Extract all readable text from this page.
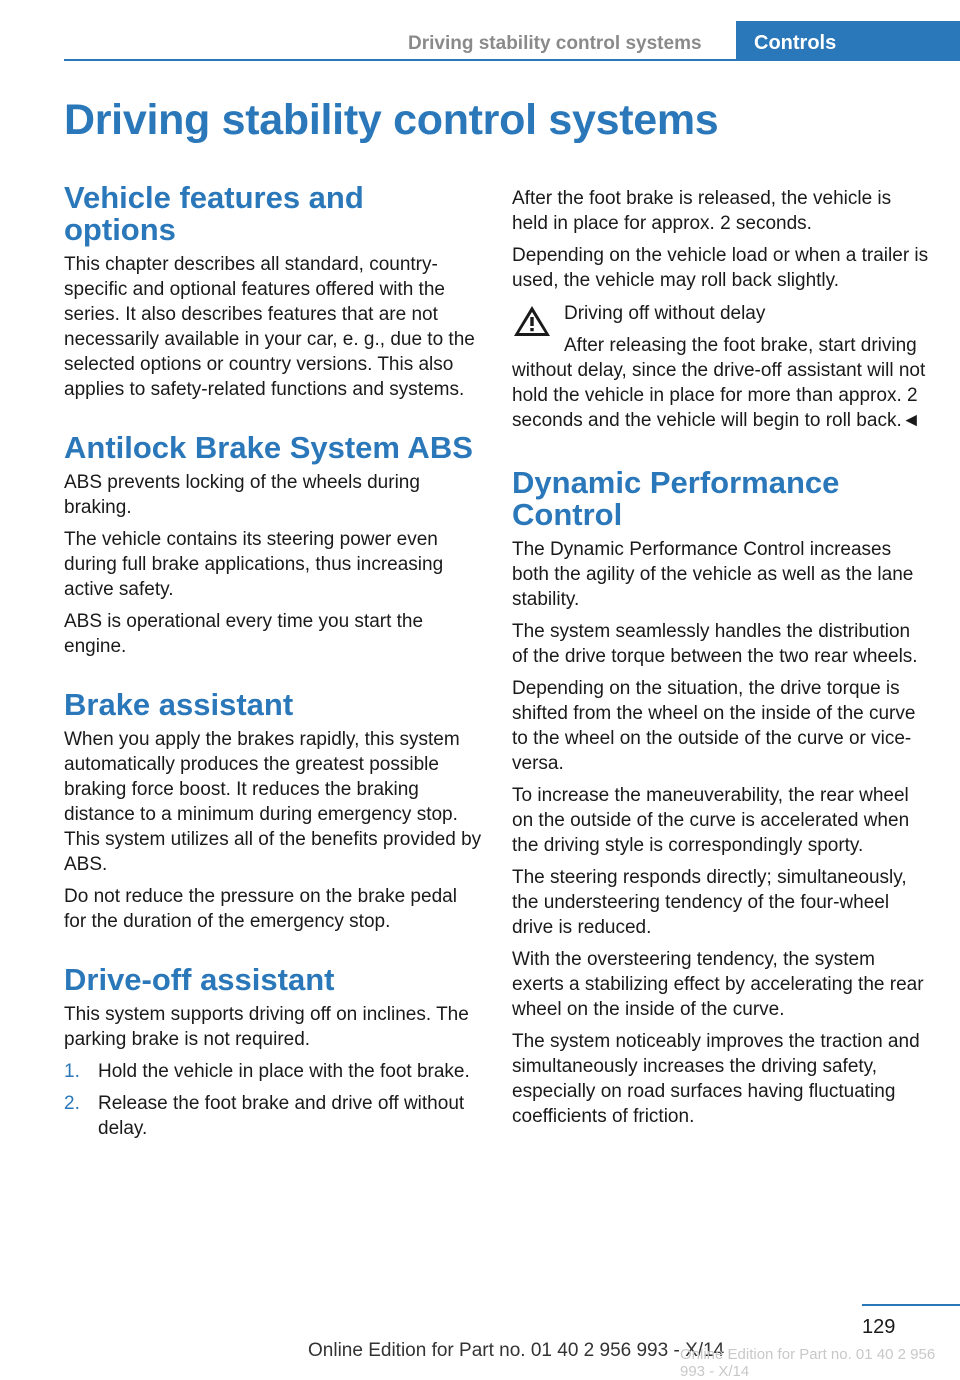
Driving stability control systems	Controls
Driving stability control systems
Vehicle features and options

This chapter describes all standard, country-specific and optional features offered with the series. It also describes features that are not necessarily available in your car, e. g., due to the selected options or country versions. This also applies to safety-related functions and systems.

Antilock Brake System ABS

ABS prevents locking of the wheels during braking.

The vehicle contains its steering power even during full brake applications, thus increasing active safety.

ABS is operational every time you start the engine.

Brake assistant

When you apply the brakes rapidly, this system automatically produces the greatest possible braking force boost. It reduces the braking distance to a minimum during emergency stop. This system utilizes all of the benefits provided by ABS.

Do not reduce the pressure on the brake pedal for the duration of the emergency stop.

Drive-off assistant

This system supports driving off on inclines. The parking brake is not required.

1. Hold the vehicle in place with the foot brake.
2. Release the foot brake and drive off without delay.

After the foot brake is released, the vehicle is held in place for approx. 2 seconds.

Depending on the vehicle load or when a trailer is used, the vehicle may roll back slightly.

Driving off without delay

After releasing the foot brake, start driving without delay, since the drive-off assistant will not hold the vehicle in place for more than approx. 2 seconds and the vehicle will begin to roll back.◄

Dynamic Performance Control

The Dynamic Performance Control increases both the agility of the vehicle as well as the lane stability.

The system seamlessly handles the distribution of the drive torque between the two rear wheels.

Depending on the situation, the drive torque is shifted from the wheel on the inside of the curve to the wheel on the outside of the curve or vice-versa.

To increase the maneuverability, the rear wheel on the outside of the curve is accelerated when the driving style is correspondingly sporty.

The steering responds directly; simultaneously, the understeering tendency of the four-wheel drive is reduced.

With the oversteering tendency, the system exerts a stabilizing effect by accelerating the rear wheel on the inside of the curve.

The system noticeably improves the traction and simultaneously increases the driving safety, especially on road surfaces having fluctuating coefficients of friction.

129
Online Edition for Part no. 01 40 2 956 993 - X/14
Online Edition for Part no. 01 40 2 956 993 - X/14
